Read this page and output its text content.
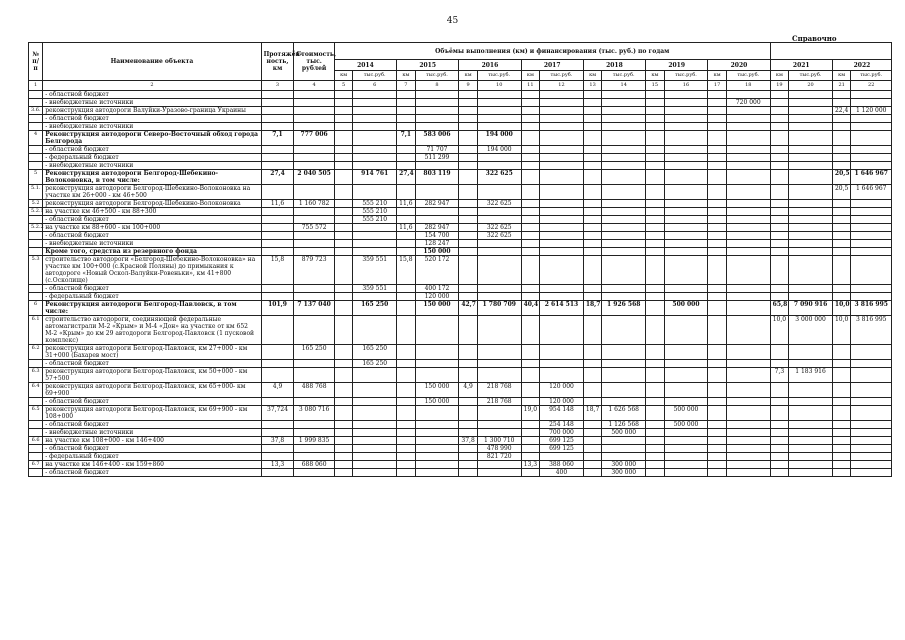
45
Справочно
№ п/п	Наименование объекта	Протяжён-ность, км	Стоимость, тыс. рублей	Объёмы выполнения (км) и финансирования (тыс. руб.) по годам																	
				2014		2015		2016		2017		2018		2019		2020		2021		2022	
				км	тыс.руб.	км	тыс.руб.	км	тыс.руб.	км	тыс.руб.	км	тыс.руб.	км	тыс.руб.	км	тыс.руб.	км	тыс.руб.	км	тыс.руб.
1	2	3	4	5	6	7	8	9	10	11	12	13	14	15	16	17	18	19	20	21	22
	- областной бюджет																				
	- внебюджетные источники																720 000				
3.6.	реконструкция автодороги Валуйки-Уразово-граница Украины																			22,4	1 120 000
	- областной бюджет																				
	- внебюджетные источники																				
4	Реконструкция автодороги Северо-Восточный обход города Белгорода	7,1	777 006			7,1	583 006		194 000												
	- областной бюджет						71 707		194 000												
	- федеральный бюджет						511 299														
	- внебюджетные источники																				
5	Реконструкция автодороги Белгород-Шебекино-Волоконовка, в том числе:	27,4	2 040 505		914 761	27,4	803 119		322 625											20,5	1 646 967
5.1.	реконструкция автодороги Белгород-Шебекино-Волоконовка на участке км 26+000 - км 46+500																			20,5	1 646 967
5.2	реконструкция автодороги Белгород-Шебекино-Волоконовка	11,6	1 160 782		555 210	11,6	282 947		322 625												
5.2.1	на участке км 46+500 - км 88+300				555 210																
	- областной бюджет				555 210																
5.2.2	на участке км 88+600 - км 100+000		755 572			11,6	282 947		322 625												
	- областной бюджет						154 700		322 625												
	- внебюджетные источники						128 247														
	Кроме того, средства из резервного фонда						150 000														
5.3	строительство автодороги «Белгород-Шебекино-Волоконовка» на участке км 100+000 (с.Красной Поляны) до примыкания к автодороге «Новый Оскол-Валуйки-Ровеньки», км 41+800 (с.Осколище)	15,8	879 723		359 551	15,8	520 172														
	- областной бюджет				359 551		400 172														
	- федеральный бюджет						120 000														
6	Реконструкция автодороги Белгород-Павловск, в том числе:	101,9	7 137 040		165 250		150 000	42,7	1 780 709	40,4	2 614 513	18,7	1 926 568		500 000			65,8	7 090 916	10,0	3 816 995
6.1	строительство автодороги, соединяющей федеральные автомагистрали М-2 «Крым» и М-4 «Дон» на участке от км 652 М-2 «Крым» до км 29 автодороги Белгород-Павловск (1 пусковой комплекс)																	10,0	3 000 000	10,0	3 816 995
6.2	реконструкция автодороги Белгород-Павловск, км 27+000 - км 31+000 (Бахарев мост)		165 250		165 250																
	- областной бюджет				165 250																
6.3	реконструкция автодороги Белгород-Павловск, км 50+000 - км 57+500																	7,3	1 183 916		
6.4	реконструкция автодороги Белгород-Павловск, км 65+000- км 69+900	4,9	488 768				150 000	4,9	218 768		120 000										
	- областной бюджет						150 000		218 768		120 000										
6.5	реконструкция автодороги Белгород-Павловск, км 69+900 - км 108+000	37,724	3 080 716							19,0	954 148	18,7	1 626 568		500 000						
	- областной бюджет										254 148		1 126 568		500 000						
	- внебюджетные источники										700 000		500 000								
6.6	на участке км 108+000 - км 146+400	37,8	1 999 835					37,8	1 300 710		699 125										
	- областной бюджет								478 990		699 125										
	- федеральный бюджет								821 720												
6.7	на участке км 146+400 - км 159+860	13,3	688 060							13,3	388 060		300 000								
	- областной бюджет										400		300 000								
